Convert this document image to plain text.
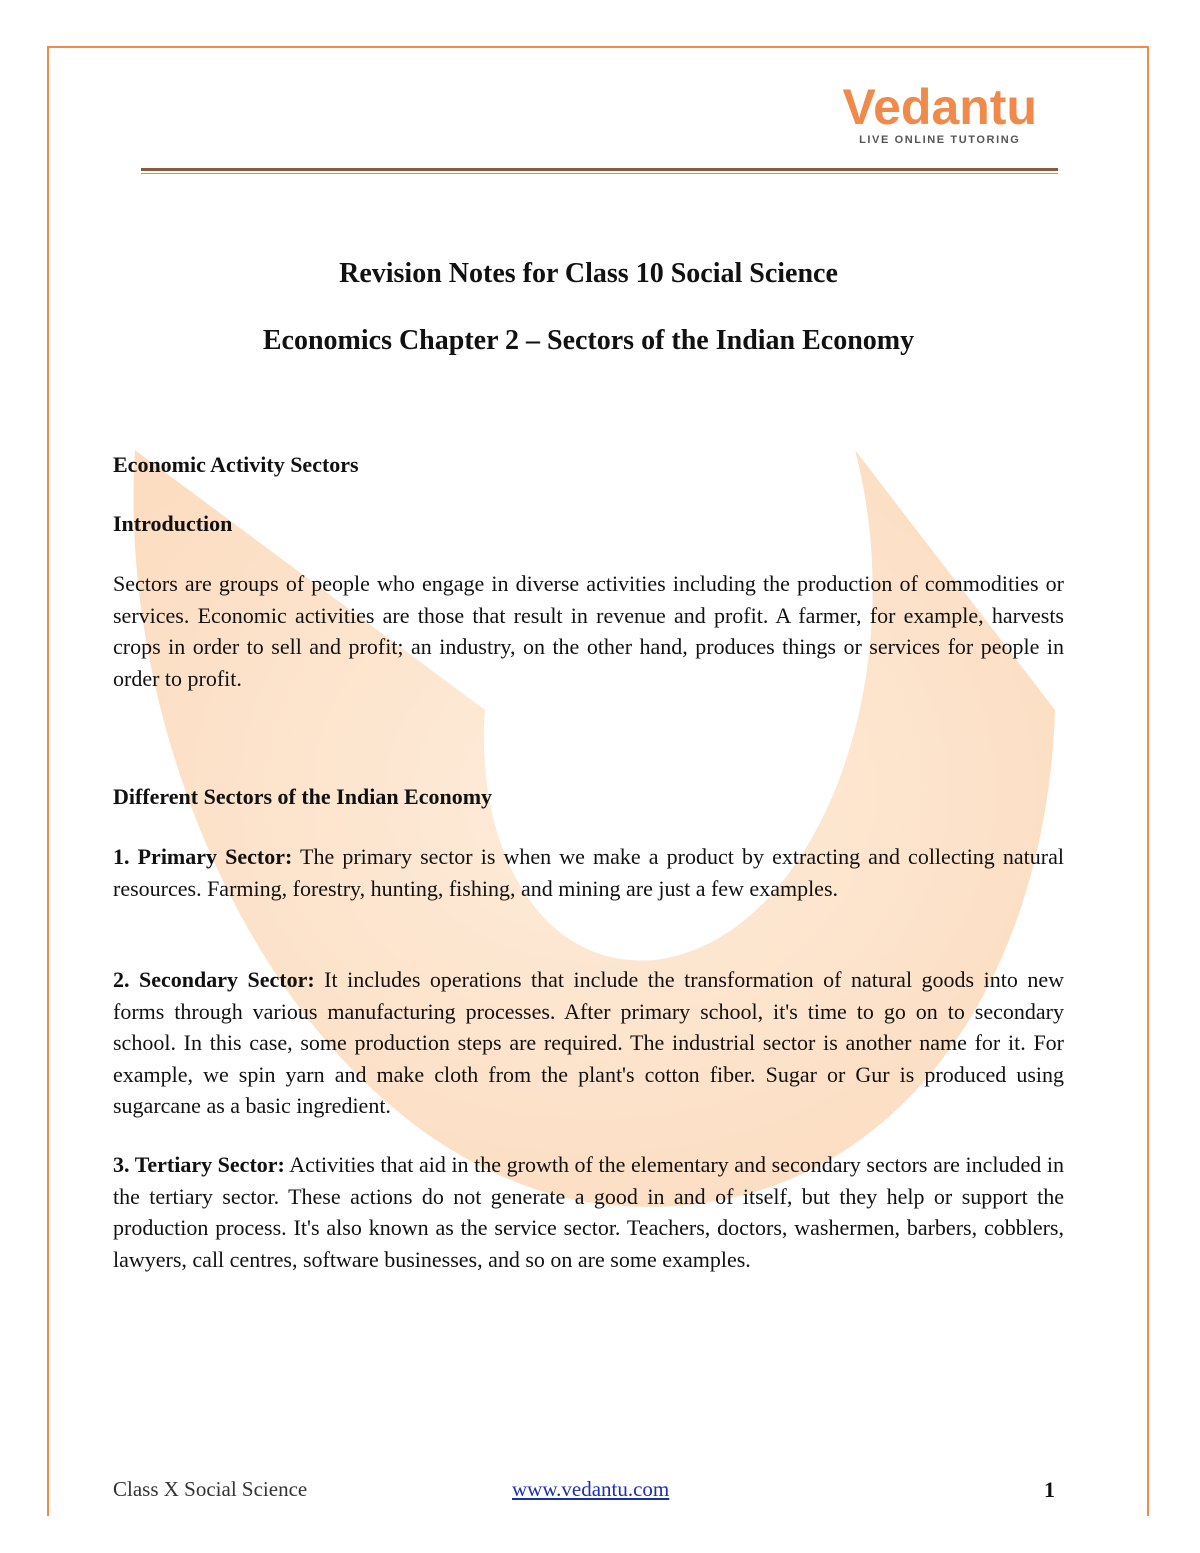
Vedantu
LIVE ONLINE TUTORING
Revision Notes for Class 10 Social Science
Economics Chapter 2 – Sectors of the Indian Economy
Economic Activity Sectors
Introduction
Sectors are groups of people who engage in diverse activities including the production of commodities or services. Economic activities are those that result in revenue and profit. A farmer, for example, harvests crops in order to sell and profit; an industry, on the other hand, produces things or services for people in order to profit.
Different Sectors of the Indian Economy
1. Primary Sector: The primary sector is when we make a product by extracting and collecting natural resources. Farming, forestry, hunting, fishing, and mining are just a few examples.
2. Secondary Sector: It includes operations that include the transformation of natural goods into new forms through various manufacturing processes. After primary school, it's time to go on to secondary school. In this case, some production steps are required. The industrial sector is another name for it. For example, we spin yarn and make cloth from the plant's cotton fiber. Sugar or Gur is produced using sugarcane as a basic ingredient.
3. Tertiary Sector: Activities that aid in the growth of the elementary and secondary sectors are included in the tertiary sector. These actions do not generate a good in and of itself, but they help or support the production process. It's also known as the service sector. Teachers, doctors, washermen, barbers, cobblers, lawyers, call centres, software businesses, and so on are some examples.
Class X Social Science	www.vedantu.com	1
